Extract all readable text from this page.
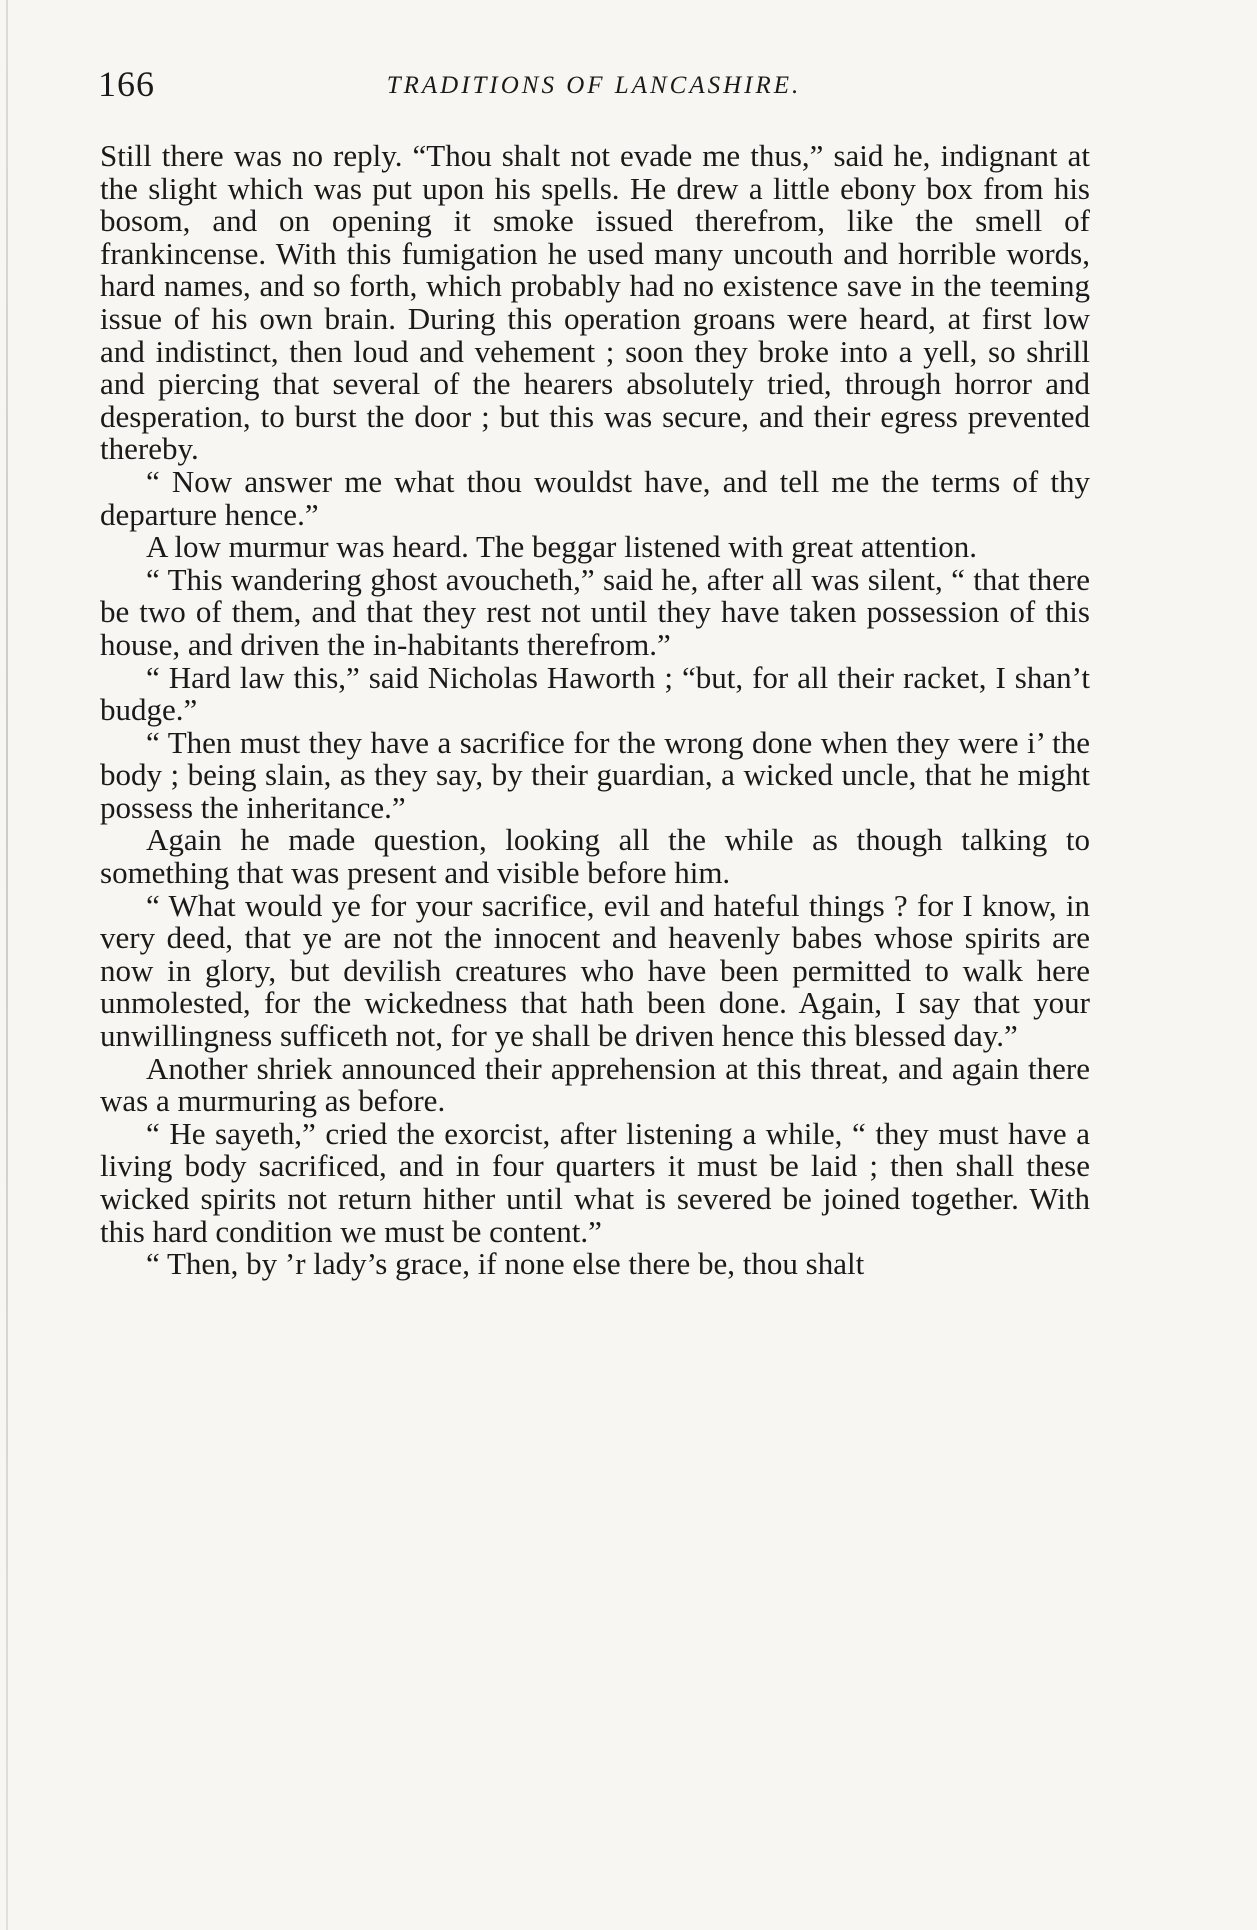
166	TRADITIONS OF LANCASHIRE.

Still there was no reply. “Thou shalt not evade me thus,” said he, indignant at the slight which was put upon his spells. He drew a little ebony box from his bosom, and on opening it smoke issued therefrom, like the smell of frankincense. With this fumigation he used many uncouth and horrible words, hard names, and so forth, which probably had no existence save in the teeming issue of his own brain. During this operation groans were heard, at first low and indistinct, then loud and vehement ; soon they broke into a yell, so shrill and piercing that several of the hearers absolutely tried, through horror and desperation, to burst the door ; but this was secure, and their egress prevented thereby.

“ Now answer me what thou wouldst have, and tell me the terms of thy departure hence.”

A low murmur was heard. The beggar listened with great attention.

“ This wandering ghost avoucheth,” said he, after all was silent, “ that there be two of them, and that they rest not until they have taken possession of this house, and driven the in-habitants therefrom.”

“ Hard law this,” said Nicholas Haworth ; “but, for all their racket, I shan’t budge.”

“ Then must they have a sacrifice for the wrong done when they were i’ the body ; being slain, as they say, by their guardian, a wicked uncle, that he might possess the inheritance.”

Again he made question, looking all the while as though talking to something that was present and visible before him.

“ What would ye for your sacrifice, evil and hateful things ? for I know, in very deed, that ye are not the innocent and heavenly babes whose spirits are now in glory, but devilish creatures who have been permitted to walk here unmolested, for the wickedness that hath been done. Again, I say that your unwillingness sufficeth not, for ye shall be driven hence this blessed day.”

Another shriek announced their apprehension at this threat, and again there was a murmuring as before.

“ He sayeth,” cried the exorcist, after listening a while, “ they must have a living body sacrificed, and in four quarters it must be laid ; then shall these wicked spirits not return hither until what is severed be joined together. With this hard condition we must be content.”

“ Then, by ’r lady’s grace, if none else there be, thou shalt
